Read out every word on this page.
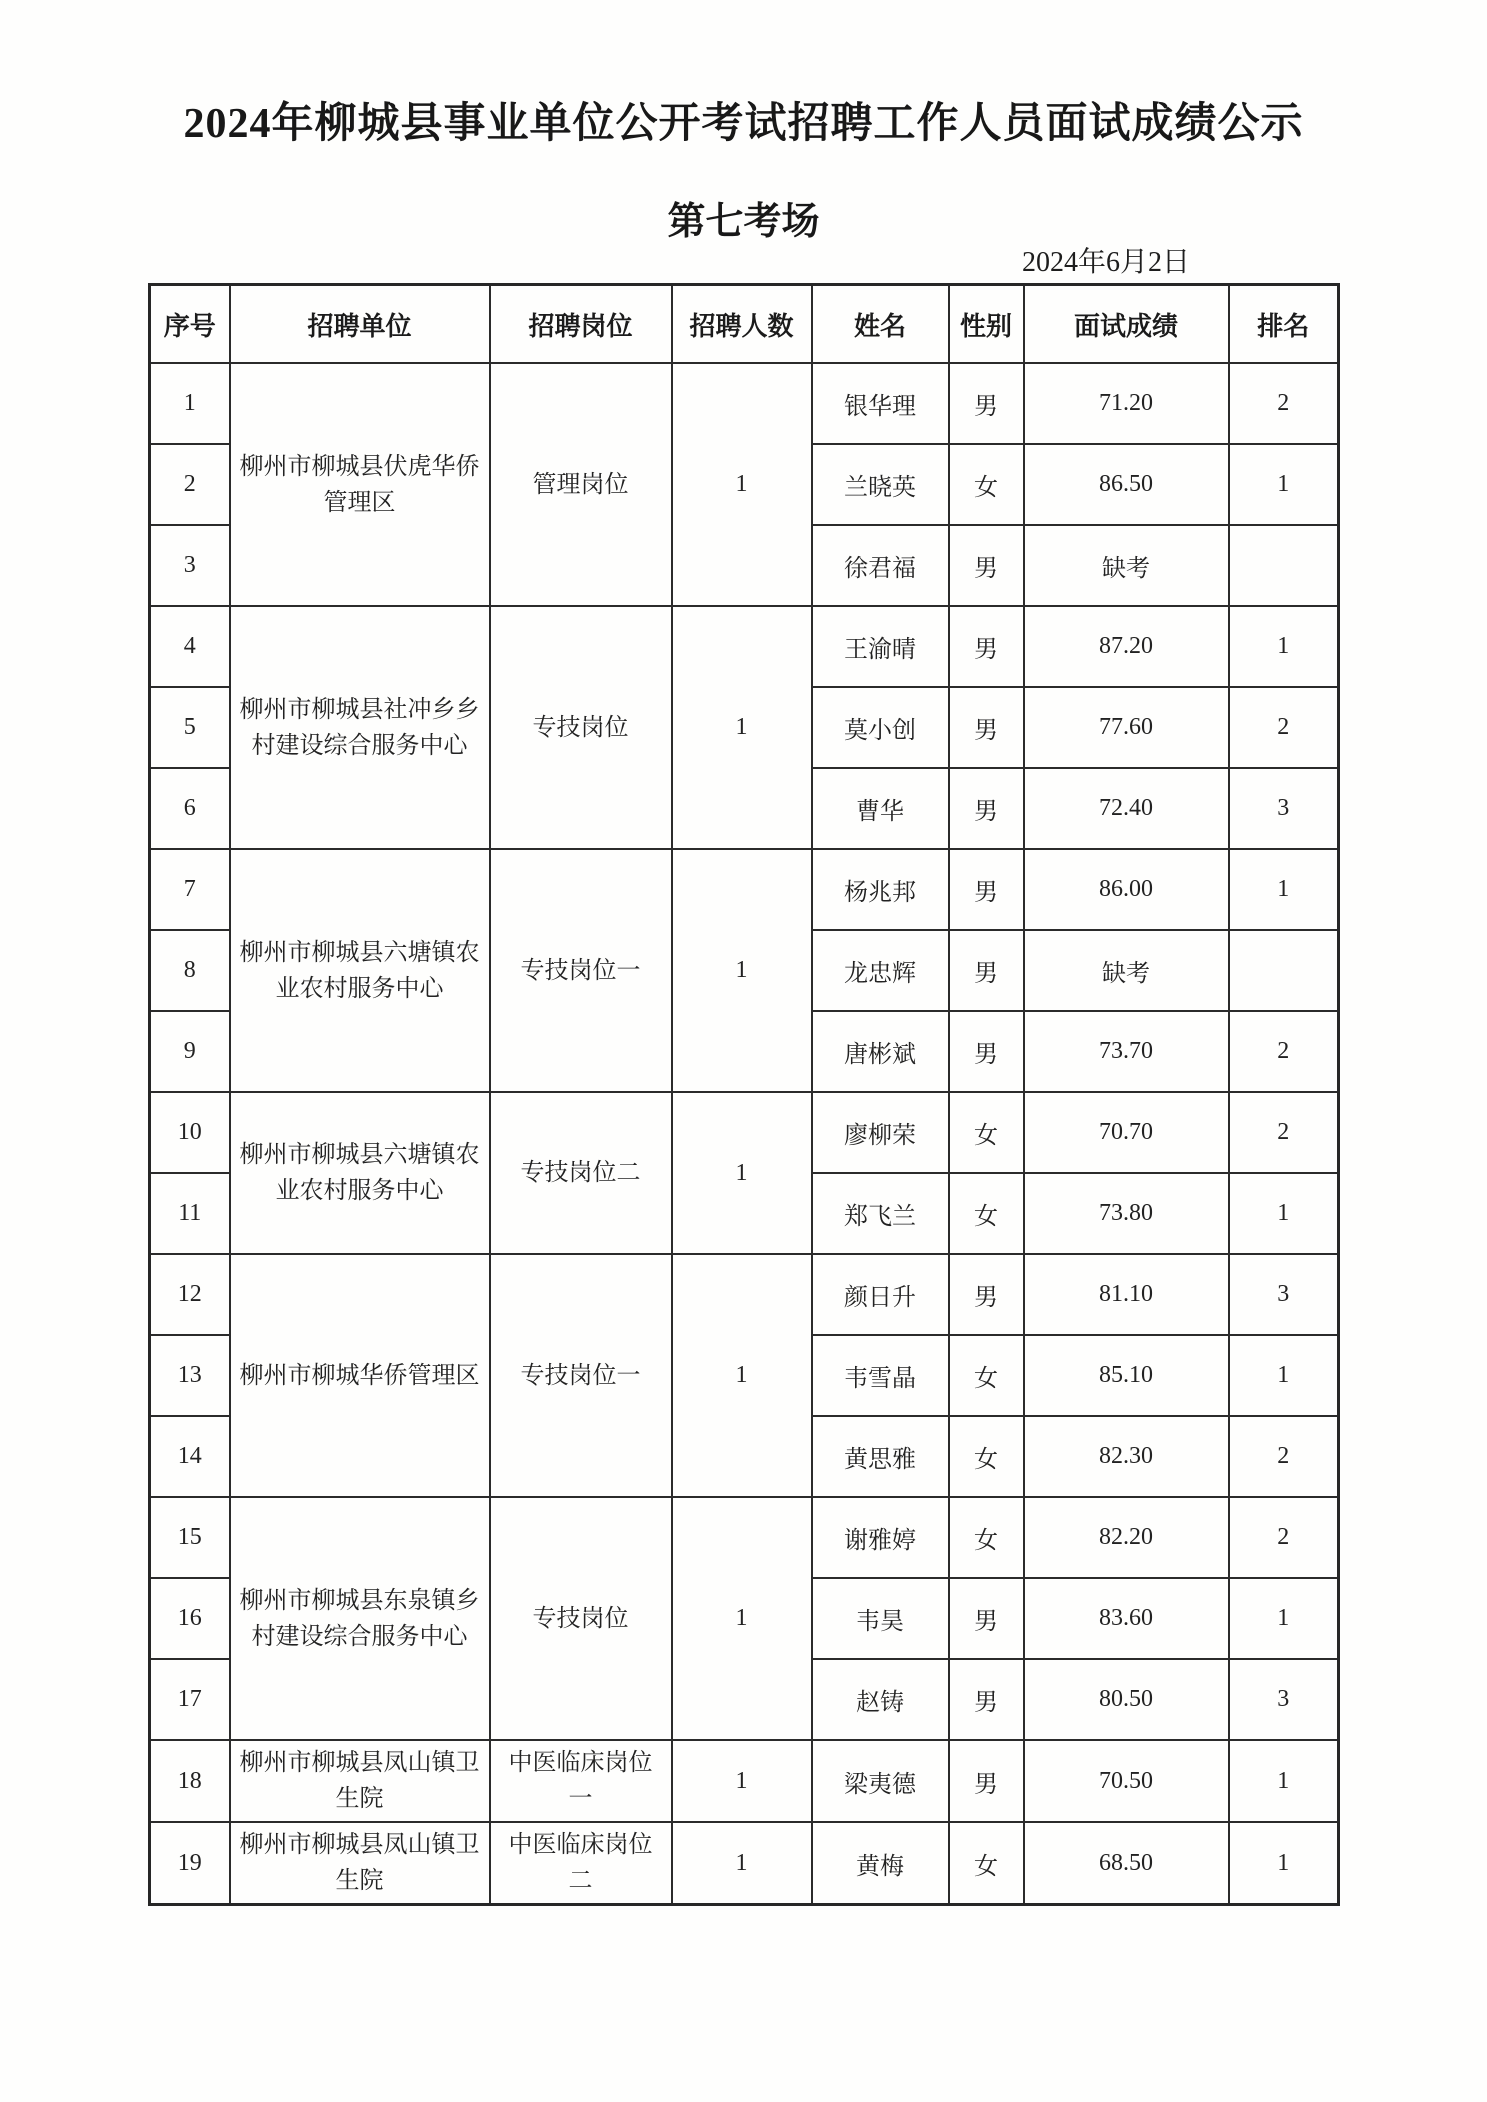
2024年柳城县事业单位公开考试招聘工作人员面试成绩公示
第七考场
2024年6月2日
序号	招聘单位	招聘岗位	招聘人数	姓名	性别	面试成绩	排名
1	柳州市柳城县伏虎华侨管理区	管理岗位	1	银华理	男	71.20	2
2				兰晓英	女	86.50	1
3				徐君福	男	缺考	
4	柳州市柳城县社冲乡乡村建设综合服务中心	专技岗位	1	王渝晴	男	87.20	1
5				莫小创	男	77.60	2
6				曹华	男	72.40	3
7	柳州市柳城县六塘镇农业农村服务中心	专技岗位一	1	杨兆邦	男	86.00	1
8				龙忠辉	男	缺考	
9				唐彬斌	男	73.70	2
10	柳州市柳城县六塘镇农业农村服务中心	专技岗位二	1	廖柳荣	女	70.70	2
11				郑飞兰	女	73.80	1
12	柳州市柳城华侨管理区	专技岗位一	1	颜日升	男	81.10	3
13				韦雪晶	女	85.10	1
14				黄思雅	女	82.30	2
15	柳州市柳城县东泉镇乡村建设综合服务中心	专技岗位	1	谢雅婷	女	82.20	2
16				韦昊	男	83.60	1
17				赵铸	男	80.50	3
18	柳州市柳城县凤山镇卫生院	中医临床岗位一	1	梁夷德	男	70.50	1
19	柳州市柳城县凤山镇卫生院	中医临床岗位二	1	黄梅	女	68.50	1
